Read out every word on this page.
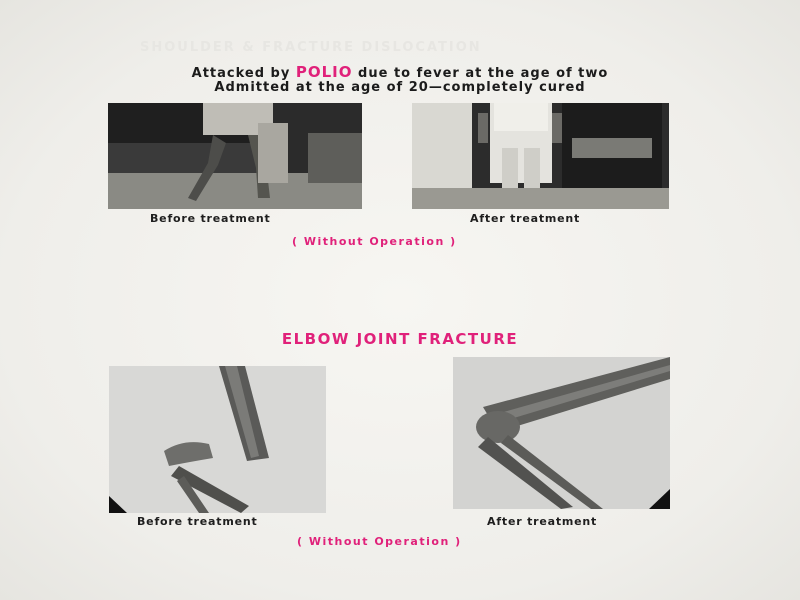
SHOULDER & FRACTURE DISLOCATION
Attacked by POLIO due to fever at the age of two
Admitted at the age of 20—completely cured
Before treatment	After treatment
( Without Operation )
ELBOW JOINT FRACTURE
Before treatment	After treatment
( Without Operation )
